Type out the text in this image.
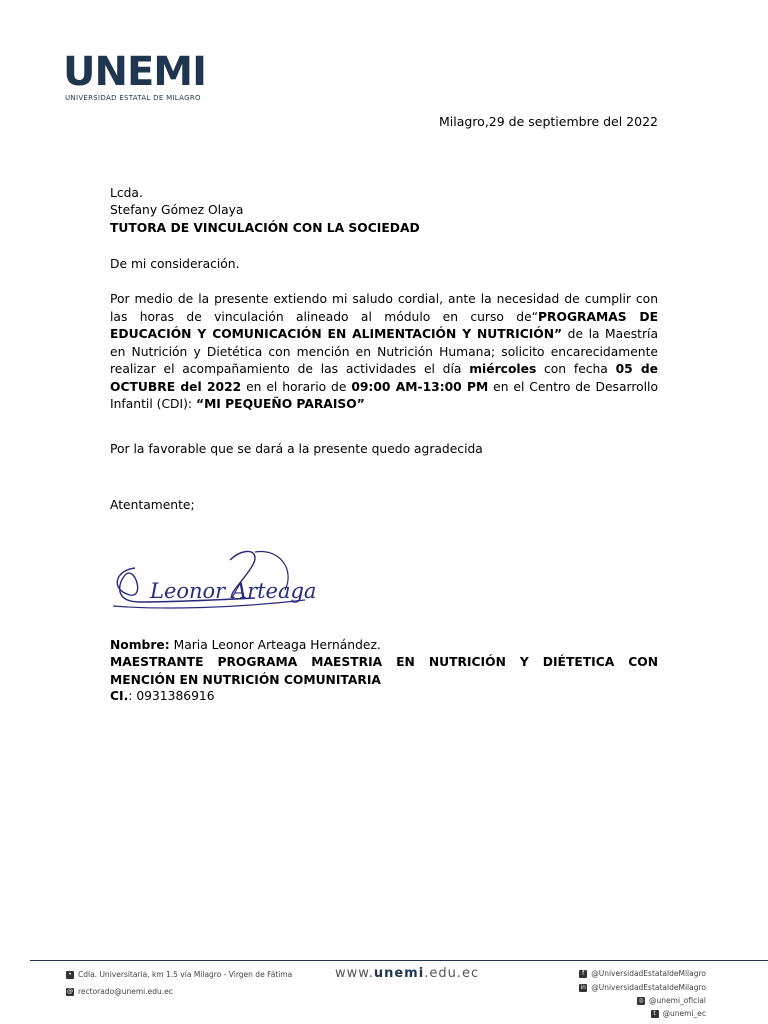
UNEMI
UNIVERSIDAD ESTATAL DE MILAGRO
Milagro,29 de septiembre del 2022
Lcda.
Stefany Gómez Olaya
TUTORA DE VINCULACIÓN CON LA SOCIEDAD
De mi consideración.
Por medio de la presente extiendo mi saludo cordial, ante la necesidad de cumplir con las horas de vinculación alineado al módulo en curso de“PROGRAMAS DE EDUCACIÓN Y COMUNICACIÓN EN ALIMENTACIÓN Y NUTRICIÓN” de la Maestría en Nutrición y Dietética con mención en Nutrición Humana; solicito encarecidamente realizar el acompañamiento de las actividades el día miércoles con fecha 05 de OCTUBRE del 2022 en el horario de 09:00 AM-13:00 PM en el Centro de Desarrollo Infantil (CDI): “MI PEQUEÑO PARAISO”
Por la favorable que se dará a la presente quedo agradecida
Atentamente;
Leonor Arteaga
Nombre: Maria Leonor Arteaga Hernández.
MAESTRANTE PROGRAMA MAESTRIA EN NUTRICIÓN Y DIÉTETICA CON MENCIÓN EN NUTRICIÓN COMUNITARIA
CI.: 0931386916
• Cdla. Universitaria, km 1.5 vía Milagro - Virgen de Fátima
@ rectorado@unemi.edu.ec
www.unemi.edu.ec	f @UniversidadEstataldeMilagro
in @UniversidadEstataldeMilagro
◎ @unemi_oficial
t @unemi_ec
